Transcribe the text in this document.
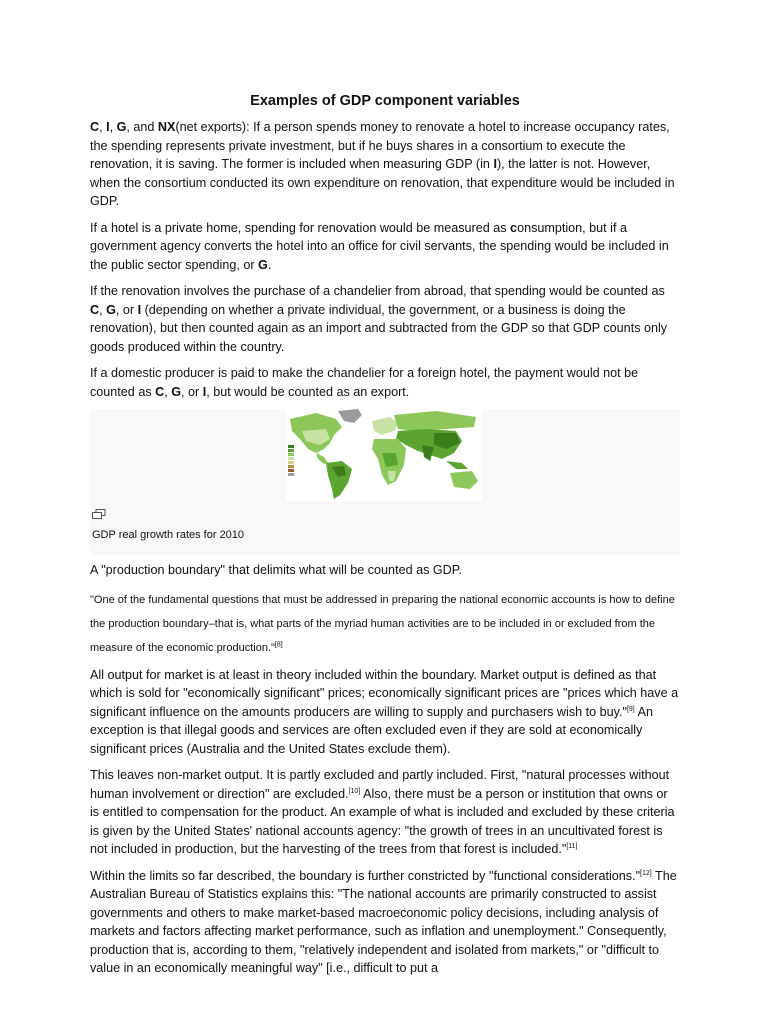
Examples of GDP component variables

C, I, G, and NX(net exports): If a person spends money to renovate a hotel to increase occupancy rates, the spending represents private investment, but if he buys shares in a consortium to execute the renovation, it is saving. The former is included when measuring GDP (in I), the latter is not. However, when the consortium conducted its own expenditure on renovation, that expenditure would be included in GDP.

If a hotel is a private home, spending for renovation would be measured as consumption, but if a government agency converts the hotel into an office for civil servants, the spending would be included in the public sector spending, or G.

If the renovation involves the purchase of a chandelier from abroad, that spending would be counted as C, G, or I (depending on whether a private individual, the government, or a business is doing the renovation), but then counted again as an import and subtracted from the GDP so that GDP counts only goods produced within the country.

If a domestic producer is paid to make the chandelier for a foreign hotel, the payment would not be counted as C, G, or I, but would be counted as an export.

GDP real growth rates for 2010

A "production boundary" that delimits what will be counted as GDP.

"One of the fundamental questions that must be addressed in preparing the national economic accounts is how to define the production boundary–that is, what parts of the myriad human activities are to be included in or excluded from the measure of the economic production."[8]

All output for market is at least in theory included within the boundary. Market output is defined as that which is sold for "economically significant" prices; economically significant prices are "prices which have a significant influence on the amounts producers are willing to supply and purchasers wish to buy."[9] An exception is that illegal goods and services are often excluded even if they are sold at economically significant prices (Australia and the United States exclude them).

This leaves non-market output. It is partly excluded and partly included. First, "natural processes without human involvement or direction" are excluded.[10] Also, there must be a person or institution that owns or is entitled to compensation for the product. An example of what is included and excluded by these criteria is given by the United States' national accounts agency: "the growth of trees in an uncultivated forest is not included in production, but the harvesting of the trees from that forest is included."[11]

Within the limits so far described, the boundary is further constricted by "functional considerations."[12] The Australian Bureau of Statistics explains this: "The national accounts are primarily constructed to assist governments and others to make market-based macroeconomic policy decisions, including analysis of markets and factors affecting market performance, such as inflation and unemployment." Consequently, production that is, according to them, "relatively independent and isolated from markets," or "difficult to value in an economically meaningful way" [i.e., difficult to put a
